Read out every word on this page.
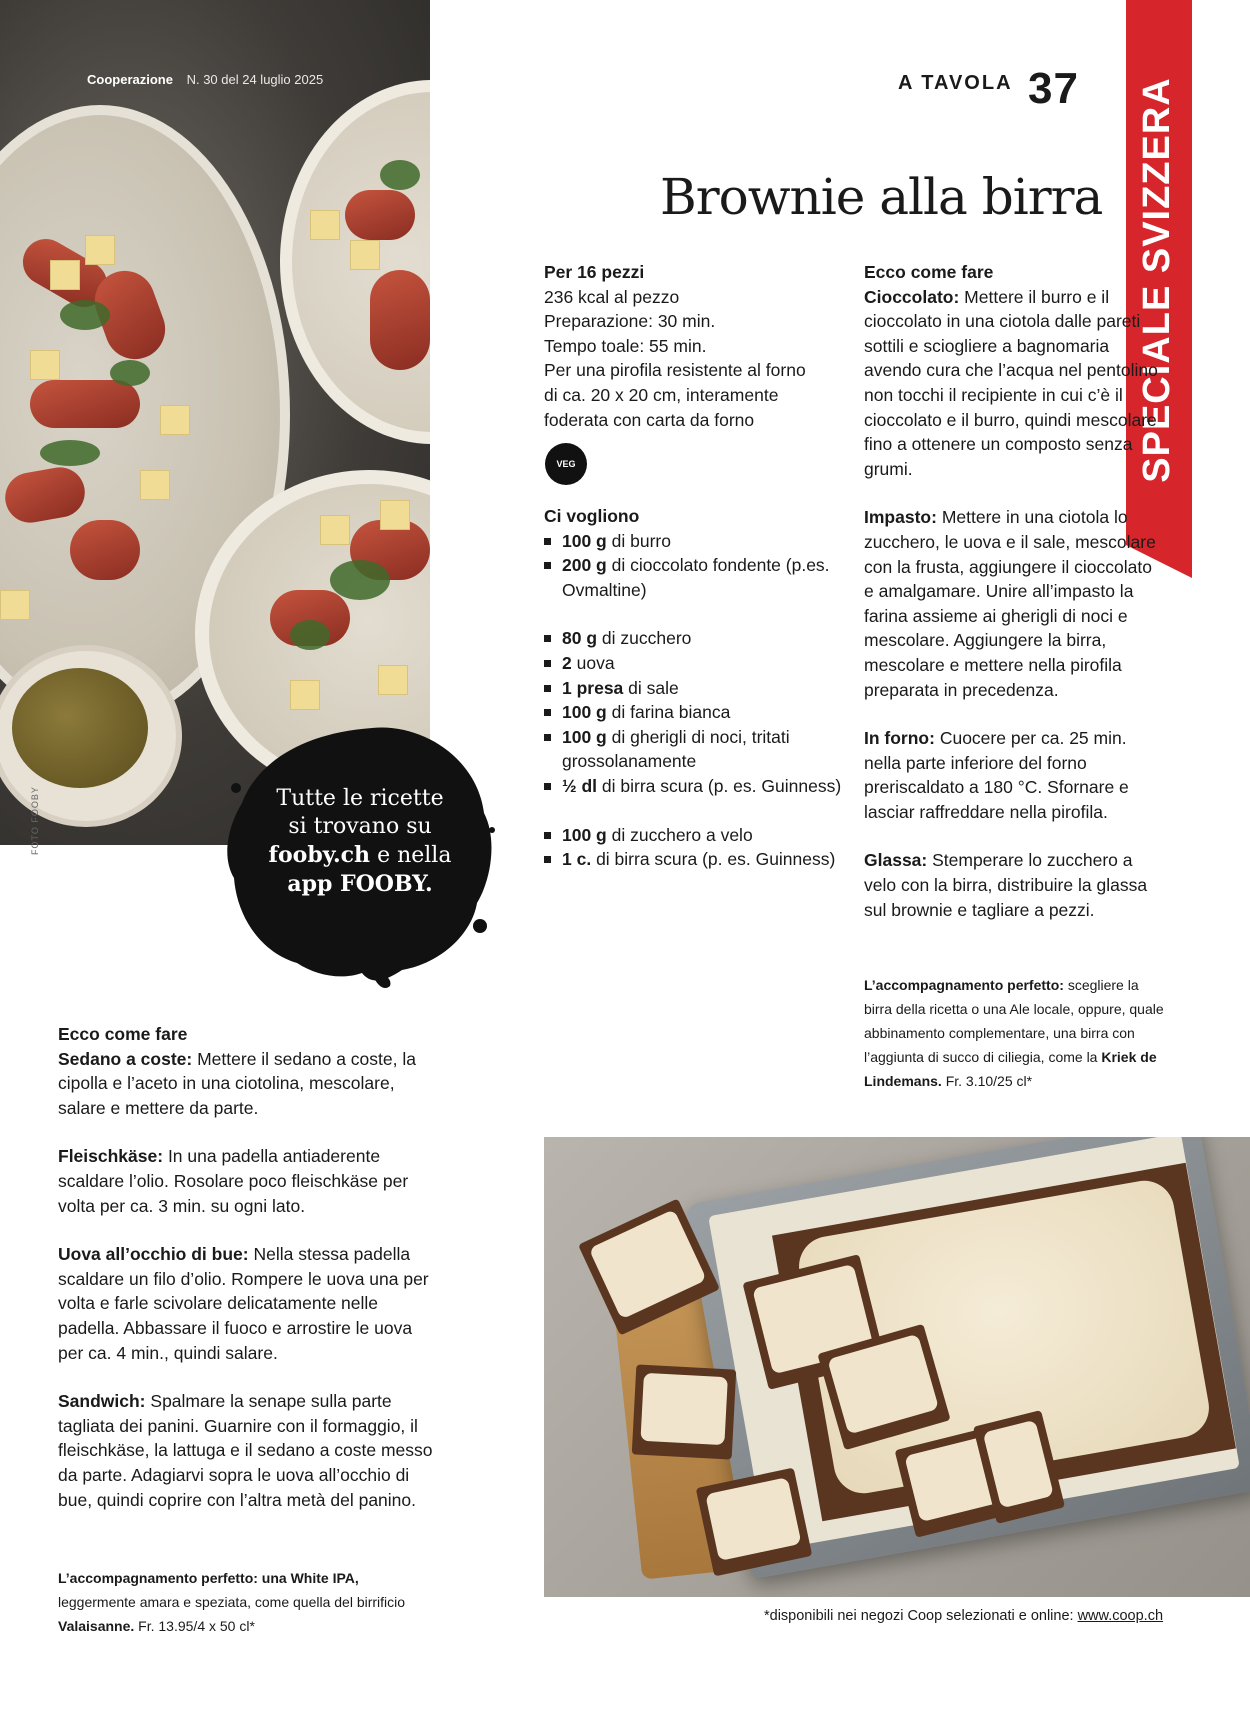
Cooperazione N. 30 del 24 luglio 2025
FOTO FOOBY	Tutte le ricette
si trovano su
fooby.ch e nella
app FOOBY.
A TAVOLA 37 SPECIALE SVIZZERA
Brownie alla birra
Per 16 pezzi
236 kcal al pezzo
Preparazione: 30 min.
Tempo toale: 55 min.
Per una pirofila resistente al forno di ca. 20 x 20 cm, interamente foderata con carta da forno
VEG
Ci vogliono
100 g di burro
200 g di cioccolato fondente (p.es. Ovmaltine)
80 g di zucchero
2 uova
1 presa di sale
100 g di farina bianca
100 g di gherigli di noci, tritati grossolanamente
½ dl di birra scura (p. es. Guinness)
100 g di zucchero a velo
1 c. di birra scura (p. es. Guinness)
Ecco come fare

Cioccolato: Mettere il burro e il cioccolato in una ciotola dalle pareti sottili e sciogliere a bagnomaria avendo cura che l’acqua nel pentolino non tocchi il recipiente in cui c’è il cioccolato e il burro, quindi mescolare fino a ottenere un composto senza grumi.

Impasto: Mettere in una ciotola lo zucchero, le uova e il sale, mescolare con la frusta, aggiungere il cioccolato e amalgamare. Unire all’impasto la farina assieme ai gherigli di noci e mescolare. Aggiungere la birra, mescolare e mettere nella pirofila preparata in precedenza.

In forno: Cuocere per ca. 25 min. nella parte inferiore del forno preriscaldato a 180 °C. Sfornare e lasciar raffreddare nella pirofila.

Glassa: Stemperare lo zucchero a velo con la birra, distribuire la glassa sul brownie e tagliare a pezzi.

L’accompagnamento perfetto: scegliere la birra della ricetta o una Ale locale, oppure, quale abbinamento complementare, una birra con l’aggiunta di succo di ciliegia, come la Kriek de Lindemans. Fr. 3.10/25 cl*
Ecco come fare

Sedano a coste: Mettere il sedano a coste, la cipolla e l’aceto in una ciotolina, mescolare, salare e mettere da parte.

Fleischkäse: In una padella antiaderente scaldare l’olio. Rosolare poco fleischkäse per volta per ca. 3 min. su ogni lato.

Uova all’occhio di bue: Nella stessa padella scaldare un filo d’olio. Rompere le uova una per volta e farle scivolare delicatamente nelle padella. Abbassare il fuoco e arrostire le uova per ca. 4 min., quindi salare.

Sandwich: Spalmare la senape sulla parte tagliata dei panini. Guarnire con il formaggio, il fleischkäse, la lattuga e il sedano a coste messo da parte. Adagiarvi sopra le uova all’occhio di bue, quindi coprire con l’altra metà del panino.

L’accompagnamento perfetto: una White IPA, leggermente amara e speziata, come quella del birrificio Valaisanne. Fr. 13.95/4 x 50 cl*
*disponibili nei negozi Coop selezionati e online: www.coop.ch
